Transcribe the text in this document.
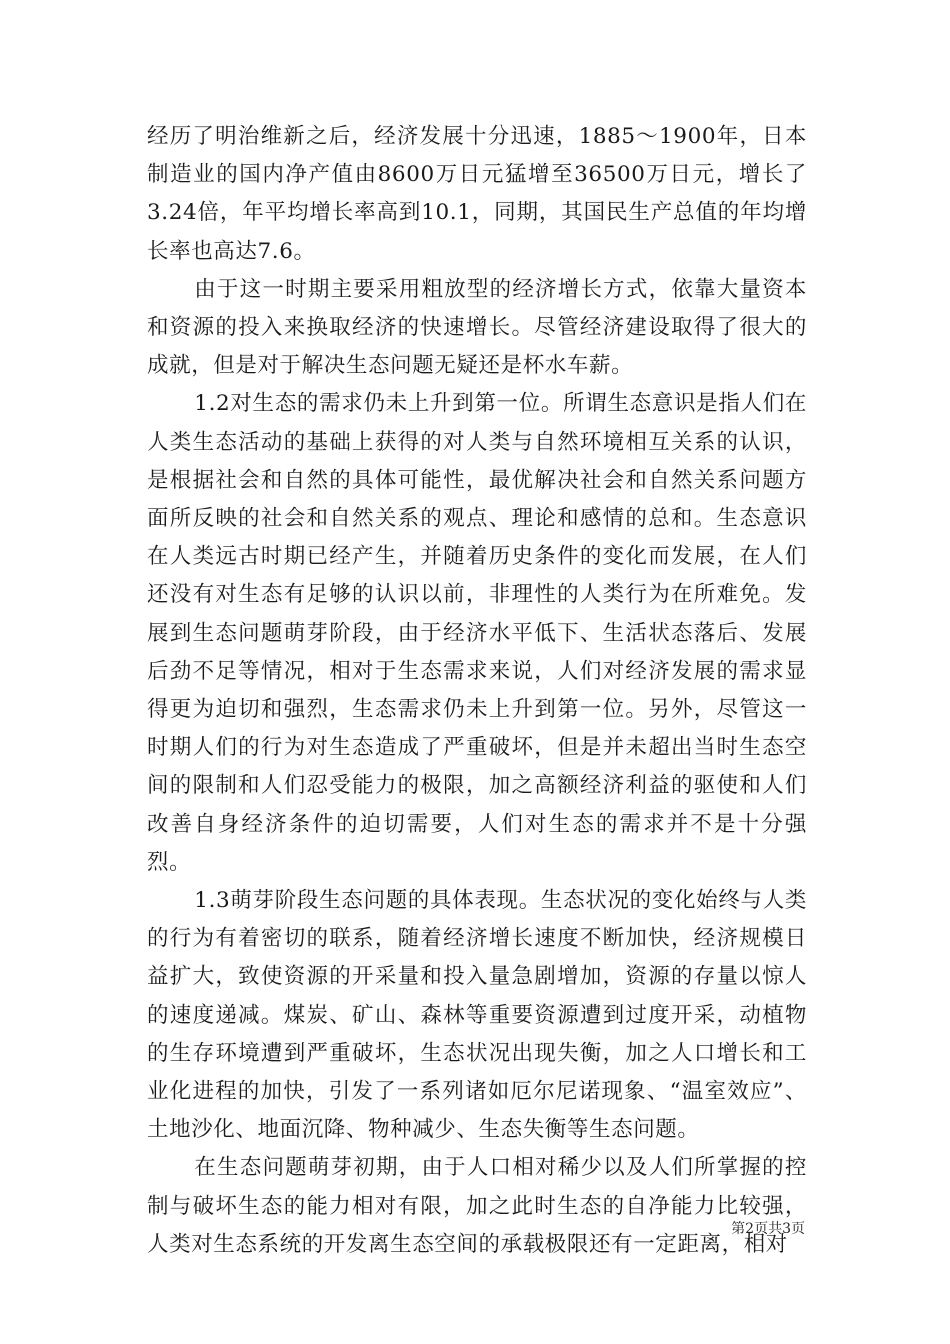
经历了明治维新之后，经济发展十分迅速，1885～1900年，日本制造业的国内净产值由8600万日元猛增至36500万日元，增长了3.24倍，年平均增长率高到10.1，同期，其国民生产总值的年均增长率也高达7.6。

由于这一时期主要采用粗放型的经济增长方式，依靠大量资本和资源的投入来换取经济的快速增长。尽管经济建设取得了很大的成就，但是对于解决生态问题无疑还是杯水车薪。

1.2对生态的需求仍未上升到第一位。所谓生态意识是指人们在人类生态活动的基础上获得的对人类与自然环境相互关系的认识，是根据社会和自然的具体可能性，最优解决社会和自然关系问题方面所反映的社会和自然关系的观点、理论和感情的总和。生态意识在人类远古时期已经产生，并随着历史条件的变化而发展，在人们还没有对生态有足够的认识以前，非理性的人类行为在所难免。发展到生态问题萌芽阶段，由于经济水平低下、生活状态落后、发展后劲不足等情况，相对于生态需求来说，人们对经济发展的需求显得更为迫切和强烈，生态需求仍未上升到第一位。另外，尽管这一时期人们的行为对生态造成了严重破坏，但是并未超出当时生态空间的限制和人们忍受能力的极限，加之高额经济利益的驱使和人们改善自身经济条件的迫切需要，人们对生态的需求并不是十分强烈。

1.3萌芽阶段生态问题的具体表现。生态状况的变化始终与人类的行为有着密切的联系，随着经济增长速度不断加快，经济规模日益扩大，致使资源的开采量和投入量急剧增加，资源的存量以惊人的速度递减。煤炭、矿山、森林等重要资源遭到过度开采，动植物的生存环境遭到严重破坏，生态状况出现失衡，加之人口增长和工业化进程的加快，引发了一系列诸如厄尔尼诺现象、“温室效应”、土地沙化、地面沉降、物种减少、生态失衡等生态问题。

在生态问题萌芽初期，由于人口相对稀少以及人们所掌握的控制与破坏生态的能力相对有限，加之此时生态的自净能力比较强，人类对生态系统的开发离生态空间的承载极限还有一定距离，相对

第2页共3页
